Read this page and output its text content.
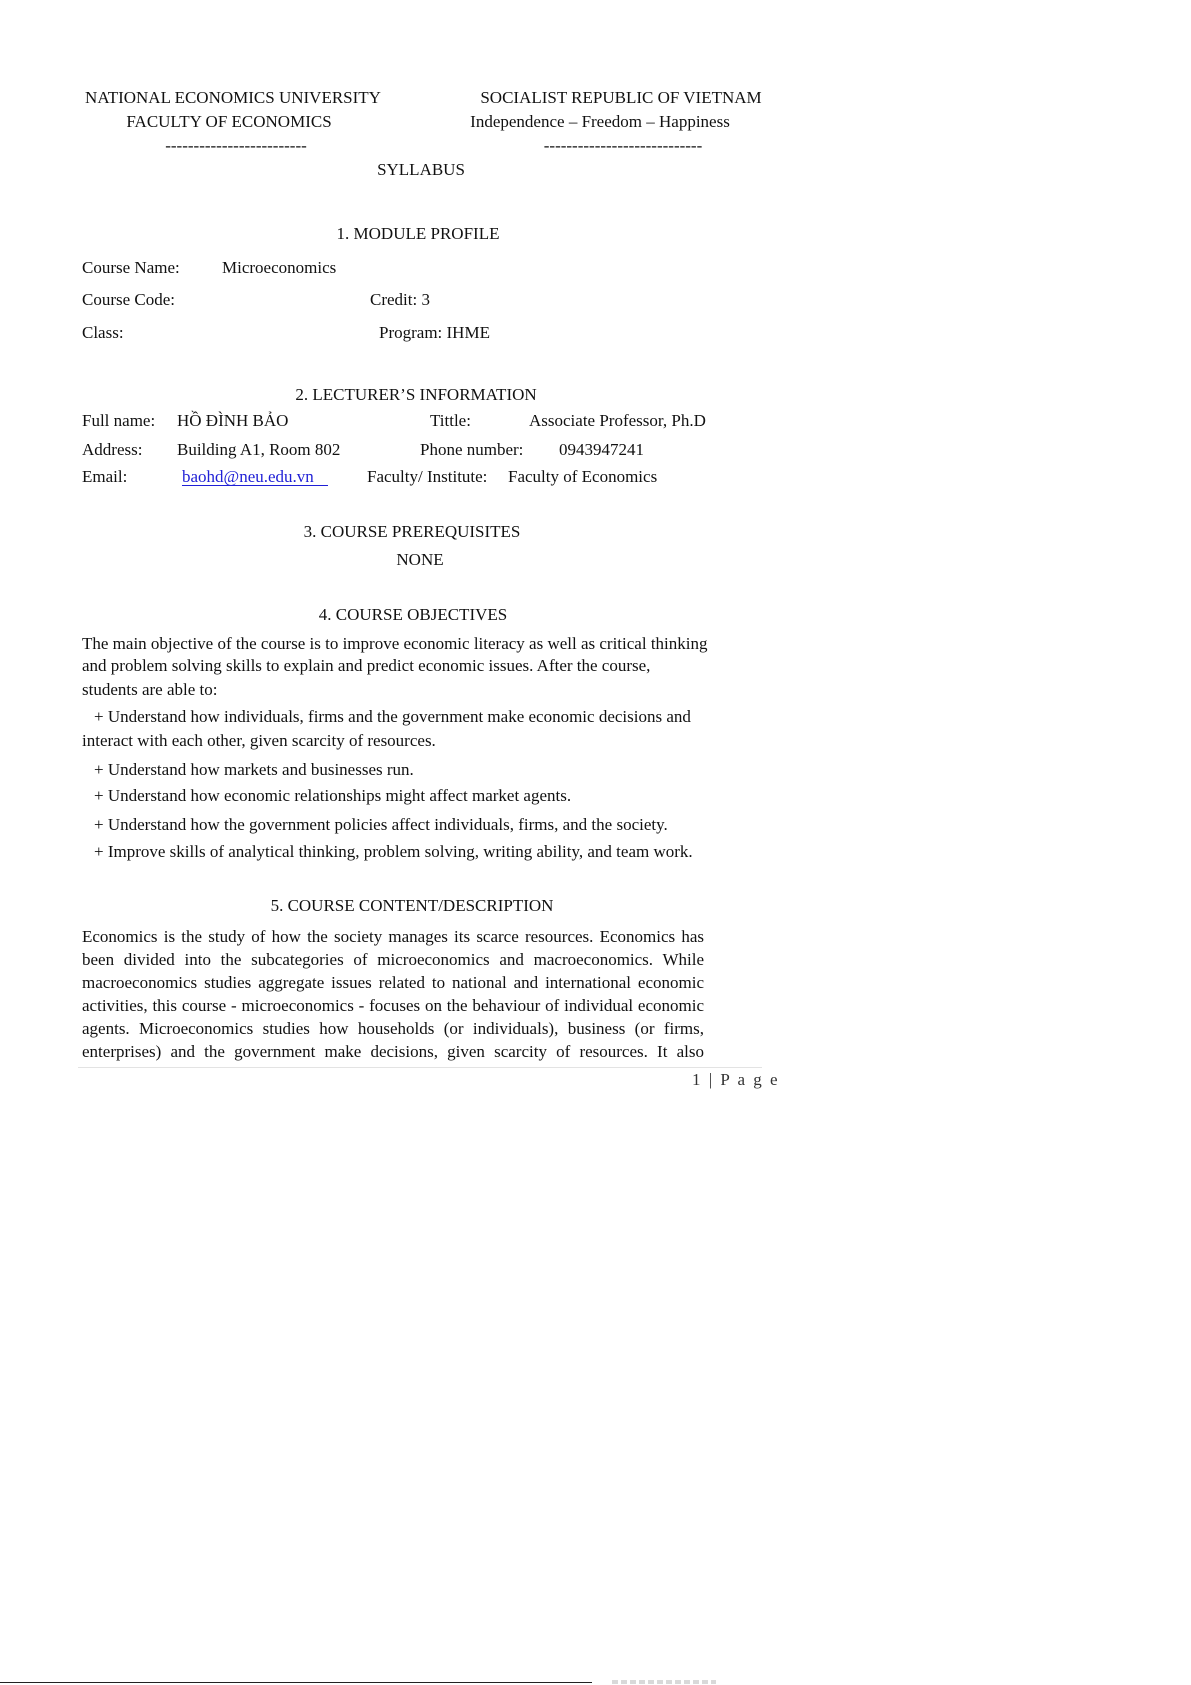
NATIONAL ECONOMICS UNIVERSITY
FACULTY OF ECONOMICS
-------------------------
SOCIALIST REPUBLIC OF VIETNAM
Independence – Freedom – Happiness
----------------------------
SYLLABUS
1. MODULE PROFILE
Course Name: Microeconomics
Course Code:	Credit: 3
Class:	Program: IHME
2. LECTURER’S INFORMATION
Full name: HỒ ĐÌNH BẢO	Tittle:	Associate Professor, Ph.D
Address: Building A1, Room 802	Phone number: 0943947241
Email:	baohd@neu.edu.vn	Faculty/ Institute: Faculty of Economics
3. COURSE PREREQUISITES
NONE
4. COURSE OBJECTIVES
The main objective of the course is to improve economic literacy as well as critical thinking
and problem solving skills to explain and predict economic issues. After the course,
students are able to:
+ Understand how individuals, firms and the government make economic decisions and
interact with each other, given scarcity of resources.
+ Understand how markets and businesses run.
+ Understand how economic relationships might affect market agents.
+ Understand how the government policies affect individuals, firms, and the society.
+ Improve skills of analytical thinking, problem solving, writing ability, and team work.
5. COURSE CONTENT/DESCRIPTION
Economics is the study of how the society manages its scarce resources. Economics has
been divided into the subcategories of microeconomics and macroeconomics. While
macroeconomics studies aggregate issues related to national and international economic
activities, this course - microeconomics - focuses on the behaviour of individual economic
agents. Microeconomics studies how households (or individuals), business (or firms,
enterprises) and the government make decisions, given scarcity of resources. It also
1 | P a g e
